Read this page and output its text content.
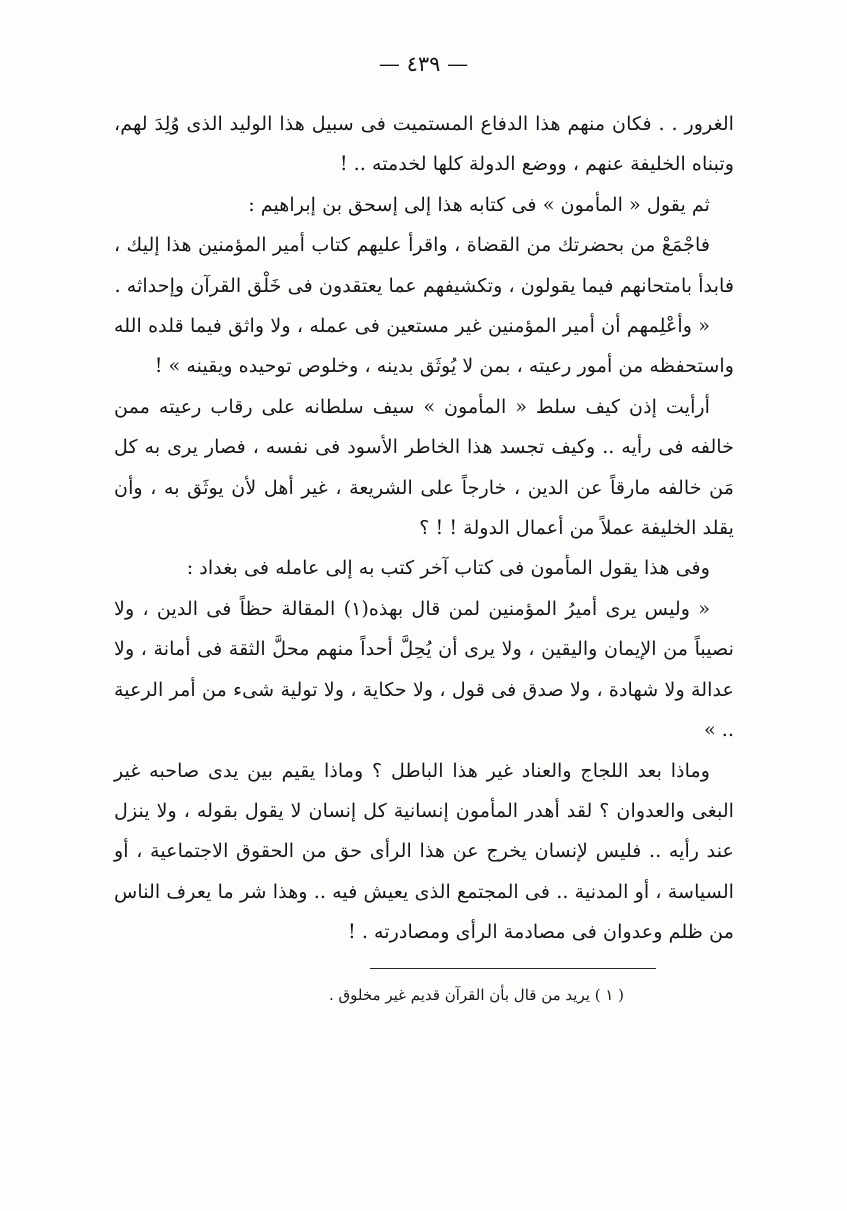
— ٤٣٩ —

الغرور . . فكان منهم هذا الدفاع المستميت فى سبيل هذا الوليد الذى وُلِدَ لهم، وتبناه الخليفة عنهم ، ووضع الدولة كلها لخدمته .. !

ثم يقول « المأمون » فى كتابه هذا إلى إسحق بن إبراهيم :

فاجْمَعْ من بحضرتك من القضاة ، واقرأ عليهم كتاب أمير المؤمنين هذا إليك ، فابدأ بامتحانهم فيما يقولون ، وتكشيفهم عما يعتقدون فى خَلْق القرآن وإحداثه .

« وأعْلِمهم أن أمير المؤمنين غير مستعين فى عمله ، ولا واثق فيما قلده الله واستحفظه من أمور رعيته ، بمن لا يُوثَق بدينه ، وخلوص توحيده ويقينه » !

أرأيت إذن كيف سلط « المأمون » سيف سلطانه على رقاب رعيته ممن خالفه فى رأيه .. وكيف تجسد هذا الخاطر الأسود فى نفسه ، فصار يرى به كل مَن خالفه مارقاً عن الدين ، خارجاً على الشريعة ، غير أهل لأن يوثَق به ، وأن يقلد الخليفة عملاً من أعمال الدولة ! ! ؟

وفى هذا يقول المأمون فى كتاب آخر كتب به إلى عامله فى بغداد :

« وليس يرى أميرُ المؤمنين لمن قال بهذه(١) المقالة حظاً فى الدين ، ولا نصيباً من الإيمان واليقين ، ولا يرى أن يُحِلَّ أحداً منهم محلَّ الثقة فى أمانة ، ولا عدالة ولا شهادة ، ولا صدق فى قول ، ولا حكاية ، ولا تولية شىء من أمر الرعية .. »

وماذا بعد اللجاج والعناد غير هذا الباطل ؟ وماذا يقيم بين يدى صاحبه غير البغى والعدوان ؟ لقد أهدر المأمون إنسانية كل إنسان لا يقول بقوله ، ولا ينزل عند رأيه .. فليس لإنسان يخرج عن هذا الرأى حق من الحقوق الاجتماعية ، أو السياسة ، أو المدنية .. فى المجتمع الذى يعيش فيه .. وهذا شر ما يعرف الناس من ظلم وعدوان فى مصادمة الرأى ومصادرته . !

( ١ ) يريد من قال بأن القرآن قديم غير مخلوق .
